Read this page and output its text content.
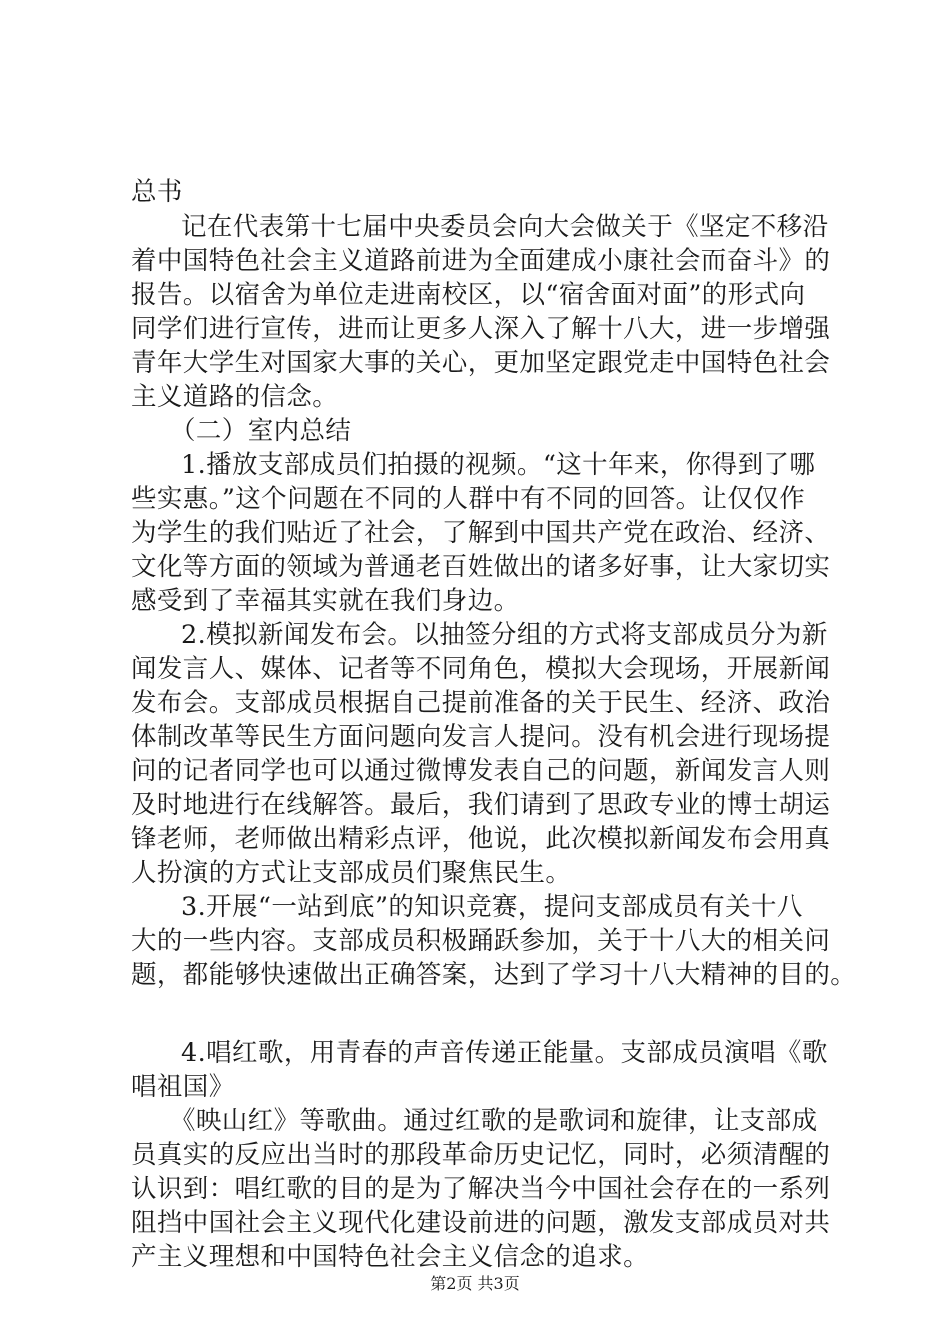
总书
记在代表第十七届中央委员会向大会做关于《坚定不移沿
着中国特色社会主义道路前进为全面建成小康社会而奋斗》的
报告。以宿舍为单位走进南校区，以“宿舍面对面”的形式向
同学们进行宣传，进而让更多人深入了解十八大，进一步增强
青年大学生对国家大事的关心，更加坚定跟党走中国特色社会
主义道路的信念。
（二）室内总结
1.播放支部成员们拍摄的视频。“这十年来，你得到了哪
些实惠。”这个问题在不同的人群中有不同的回答。让仅仅作
为学生的我们贴近了社会，了解到中国共产党在政治、经济、
文化等方面的领域为普通老百姓做出的诸多好事，让大家切实
感受到了幸福其实就在我们身边。
2.模拟新闻发布会。以抽签分组的方式将支部成员分为新
闻发言人、媒体、记者等不同角色，模拟大会现场，开展新闻
发布会。支部成员根据自己提前准备的关于民生、经济、政治
体制改革等民生方面问题向发言人提问。没有机会进行现场提
问的记者同学也可以通过微博发表自己的问题，新闻发言人则
及时地进行在线解答。最后，我们请到了思政专业的博士胡运
锋老师，老师做出精彩点评，他说，此次模拟新闻发布会用真
人扮演的方式让支部成员们聚焦民生。
3.开展“一站到底”的知识竞赛，提问支部成员有关十八
大的一些内容。支部成员积极踊跃参加，关于十八大的相关问
题，都能够快速做出正确答案，达到了学习十八大精神的目的。
4.唱红歌，用青春的声音传递正能量。支部成员演唱《歌
唱祖国》
《映山红》等歌曲。通过红歌的是歌词和旋律，让支部成
员真实的反应出当时的那段革命历史记忆，同时，必须清醒的
认识到：唱红歌的目的是为了解决当今中国社会存在的一系列
阻挡中国社会主义现代化建设前进的问题，激发支部成员对共
产主义理想和中国特色社会主义信念的追求。
第2页 共3页
